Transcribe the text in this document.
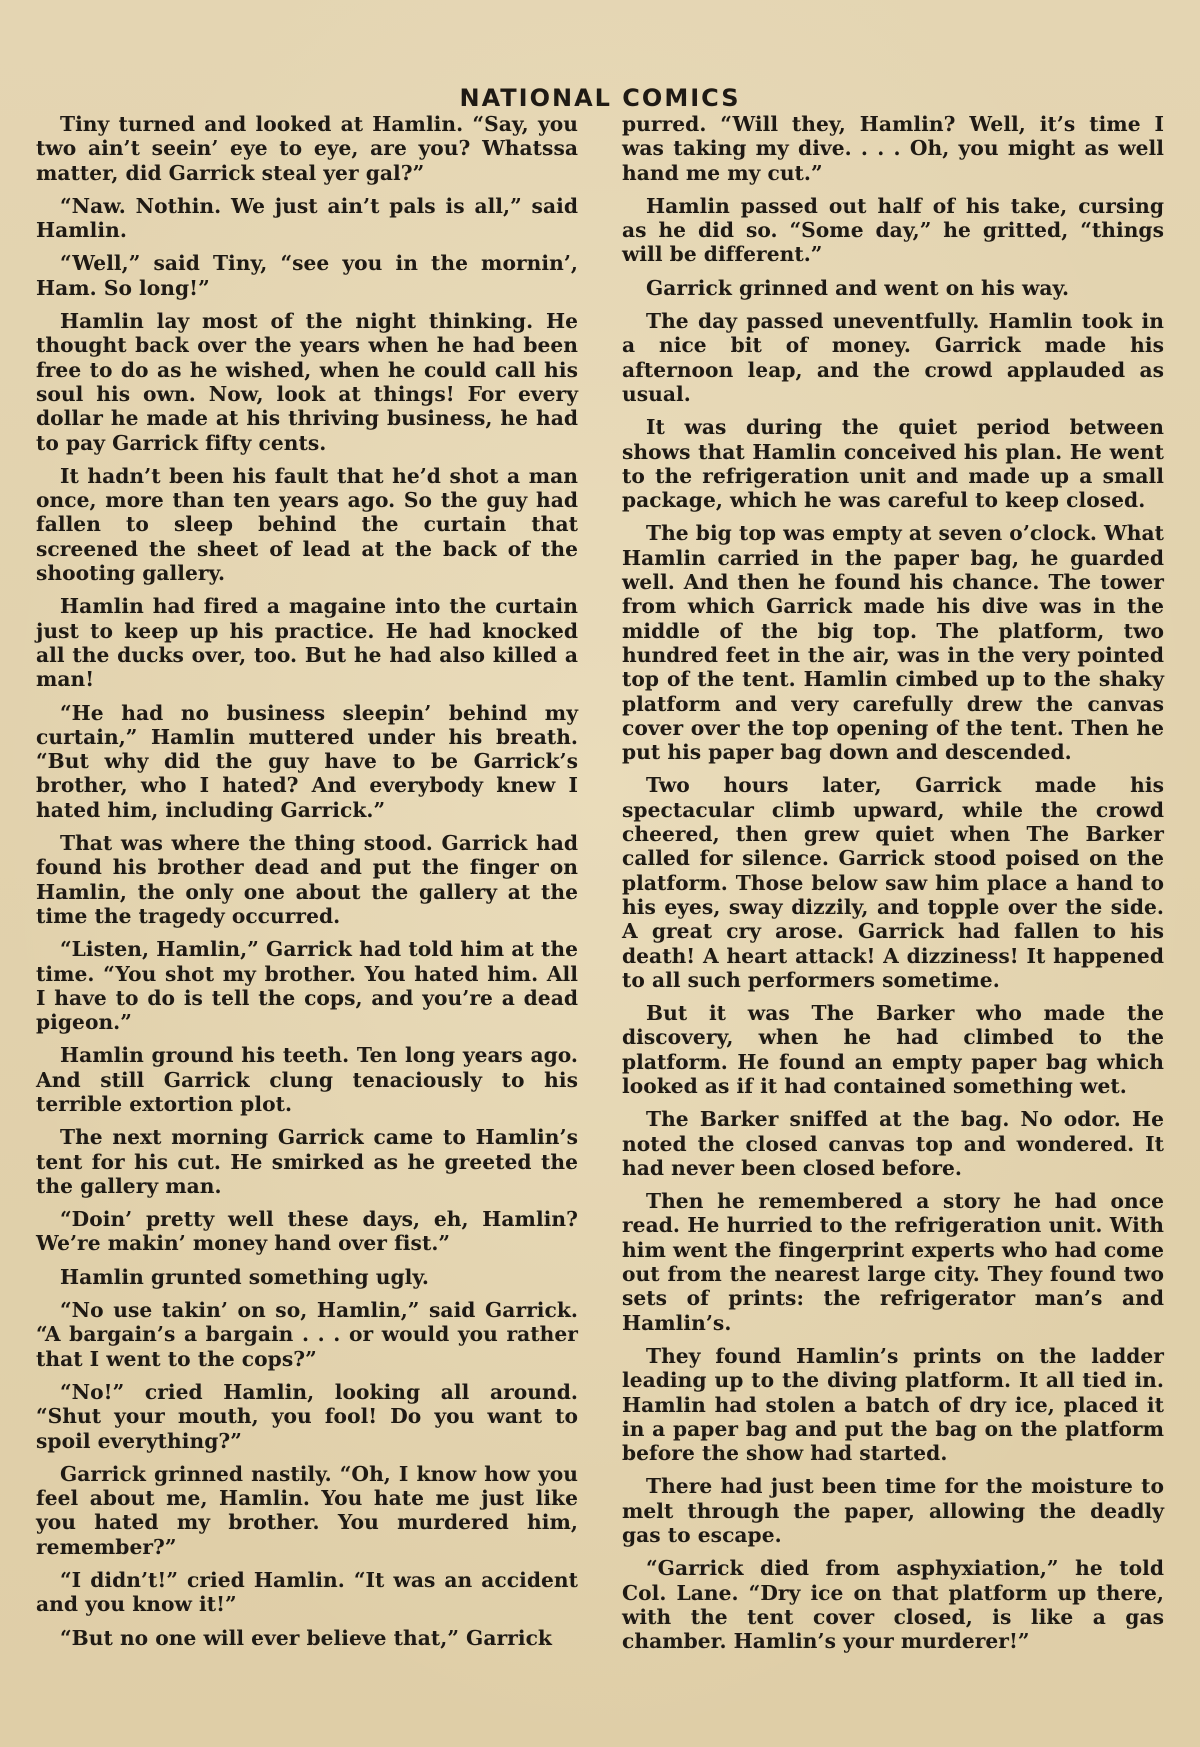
NATIONAL COMICS

Tiny turned and looked at Hamlin. “Say, you two ain’t seein’ eye to eye, are you? Whatssa matter, did Garrick steal yer gal?”

“Naw. Nothin. We just ain’t pals is all,” said Hamlin.

“Well,” said Tiny, “see you in the mornin’, Ham. So long!”

Hamlin lay most of the night thinking. He thought back over the years when he had been free to do as he wished, when he could call his soul his own. Now, look at things! For every dollar he made at his thriving business, he had to pay Garrick fifty cents.

It hadn’t been his fault that he’d shot a man once, more than ten years ago. So the guy had fallen to sleep behind the curtain that screened the sheet of lead at the back of the shooting gallery.

Hamlin had fired a magaine into the curtain just to keep up his practice. He had knocked all the ducks over, too. But he had also killed a man!

“He had no business sleepin’ behind my curtain,” Hamlin muttered under his breath. “But why did the guy have to be Garrick’s brother, who I hated? And everybody knew I hated him, including Garrick.”

That was where the thing stood. Garrick had found his brother dead and put the finger on Hamlin, the only one about the gallery at the time the tragedy occurred.

“Listen, Hamlin,” Garrick had told him at the time. “You shot my brother. You hated him. All I have to do is tell the cops, and you’re a dead pigeon.”

Hamlin ground his teeth. Ten long years ago. And still Garrick clung tenaciously to his terrible extortion plot.

The next morning Garrick came to Hamlin’s tent for his cut. He smirked as he greeted the the gallery man.

“Doin’ pretty well these days, eh, Hamlin? We’re makin’ money hand over fist.”

Hamlin grunted something ugly.

“No use takin’ on so, Hamlin,” said Garrick. “A bargain’s a bargain . . . or would you rather that I went to the cops?”

“No!” cried Hamlin, looking all around. “Shut your mouth, you fool! Do you want to spoil everything?”

Garrick grinned nastily. “Oh, I know how you feel about me, Hamlin. You hate me just like you hated my brother. You murdered him, remember?”

“I didn’t!” cried Hamlin. “It was an accident and you know it!”

“But no one will ever believe that,” Garrick

purred. “Will they, Hamlin? Well, it’s time I was taking my dive. . . . Oh, you might as well hand me my cut.”

Hamlin passed out half of his take, cursing as he did so. “Some day,” he gritted, “things will be different.”

Garrick grinned and went on his way.

The day passed uneventfully. Hamlin took in a nice bit of money. Garrick made his afternoon leap, and the crowd applauded as usual.

It was during the quiet period between shows that Hamlin conceived his plan. He went to the refrigeration unit and made up a small package, which he was careful to keep closed.

The big top was empty at seven o’clock. What Hamlin carried in the paper bag, he guarded well. And then he found his chance. The tower from which Garrick made his dive was in the middle of the big top. The platform, two hundred feet in the air, was in the very pointed top of the tent. Hamlin cimbed up to the shaky platform and very carefully drew the canvas cover over the top opening of the tent. Then he put his paper bag down and descended.

Two hours later, Garrick made his spectacular climb upward, while the crowd cheered, then grew quiet when The Barker called for silence. Garrick stood poised on the platform. Those below saw him place a hand to his eyes, sway dizzily, and topple over the side. A great cry arose. Garrick had fallen to his death! A heart attack! A dizziness! It happened to all such performers sometime.

But it was The Barker who made the discovery, when he had climbed to the platform. He found an empty paper bag which looked as if it had contained something wet.

The Barker sniffed at the bag. No odor. He noted the closed canvas top and wondered. It had never been closed before.

Then he remembered a story he had once read. He hurried to the refrigeration unit. With him went the fingerprint experts who had come out from the nearest large city. They found two sets of prints: the refrigerator man’s and Hamlin’s.

They found Hamlin’s prints on the ladder leading up to the diving platform. It all tied in. Hamlin had stolen a batch of dry ice, placed it in a paper bag and put the bag on the platform before the show had started.

There had just been time for the moisture to melt through the paper, allowing the deadly gas to escape.

“Garrick died from asphyxiation,” he told Col. Lane. “Dry ice on that platform up there, with the tent cover closed, is like a gas chamber. Hamlin’s your murderer!”
